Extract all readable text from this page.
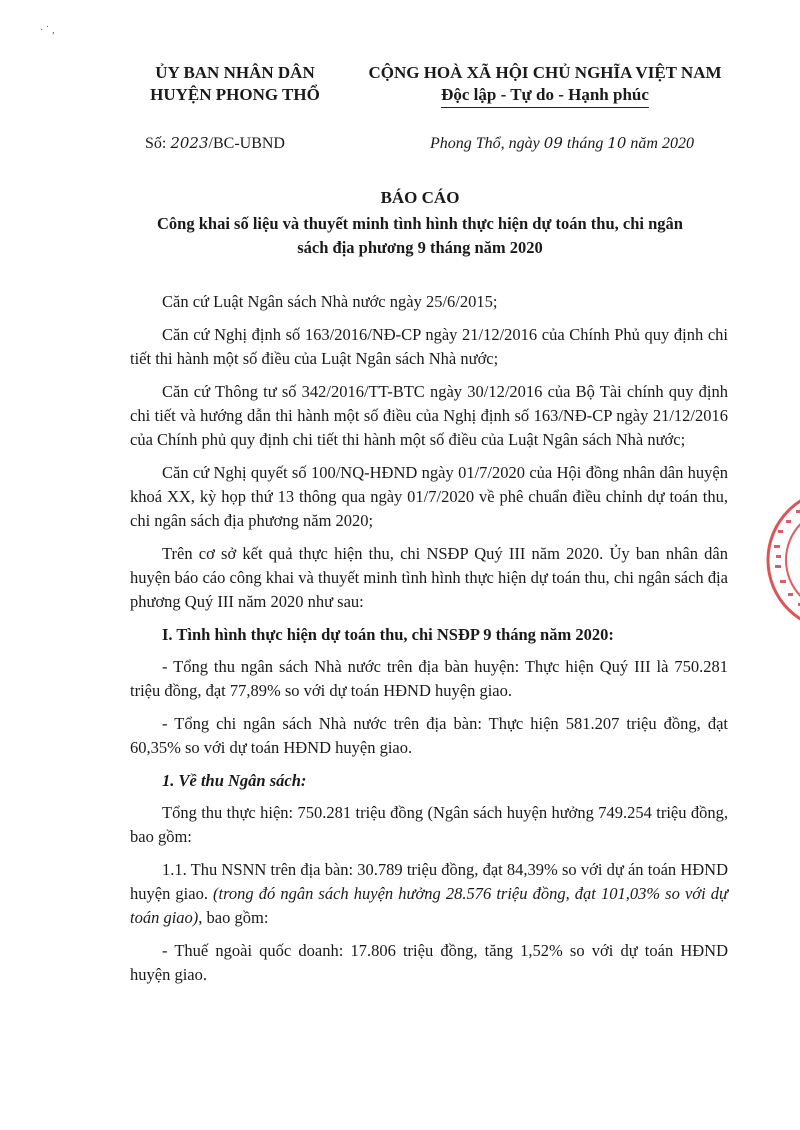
· ˙ ‚
ỦY BAN NHÂN DÂN
HUYỆN PHONG THỔ
CỘNG HOÀ XÃ HỘI CHỦ NGHĨA VIỆT NAM
Độc lập - Tự do - Hạnh phúc
Số: 2023/BC-UBND	Phong Thổ, ngày 09 tháng 10 năm 2020
BÁO CÁO
Công khai số liệu và thuyết minh tình hình thực hiện dự toán thu, chi ngân sách địa phương 9 tháng năm 2020

Căn cứ Luật Ngân sách Nhà nước ngày 25/6/2015;

Căn cứ Nghị định số 163/2016/NĐ-CP ngày 21/12/2016 của Chính Phủ quy định chi tiết thi hành một số điều của Luật Ngân sách Nhà nước;

Căn cứ Thông tư số 342/2016/TT-BTC ngày 30/12/2016 của Bộ Tài chính quy định chi tiết và hướng dẫn thi hành một số điều của Nghị định số 163/NĐ-CP ngày 21/12/2016 của Chính phủ quy định chi tiết thi hành một số điều của Luật Ngân sách Nhà nước;

Căn cứ Nghị quyết số 100/NQ-HĐND ngày 01/7/2020 của Hội đồng nhân dân huyện khoá XX, kỳ họp thứ 13 thông qua ngày 01/7/2020 về phê chuẩn điều chỉnh dự toán thu, chi ngân sách địa phương năm 2020;

Trên cơ sở kết quả thực hiện thu, chi NSĐP Quý III năm 2020. Ủy ban nhân dân huyện báo cáo công khai và thuyết minh tình hình thực hiện dự toán thu, chi ngân sách địa phương Quý III năm 2020 như sau:

I. Tình hình thực hiện dự toán thu, chi NSĐP 9 tháng năm 2020:

- Tổng thu ngân sách Nhà nước trên địa bàn huyện: Thực hiện Quý III là 750.281 triệu đồng, đạt 77,89% so với dự toán HĐND huyện giao.

- Tổng chi ngân sách Nhà nước trên địa bàn: Thực hiện 581.207 triệu đồng, đạt 60,35% so với dự toán HĐND huyện giao.

1. Về thu Ngân sách:

Tổng thu thực hiện: 750.281 triệu đồng (Ngân sách huyện hưởng 749.254 triệu đồng, bao gồm:

1.1. Thu NSNN trên địa bàn: 30.789 triệu đồng, đạt 84,39% so với dự án toán HĐND huyện giao. (trong đó ngân sách huyện hưởng 28.576 triệu đồng, đạt 101,03% so với dự toán giao), bao gồm:

- Thuế ngoài quốc doanh: 17.806 triệu đồng, tăng 1,52% so với dự toán HĐND huyện giao.
